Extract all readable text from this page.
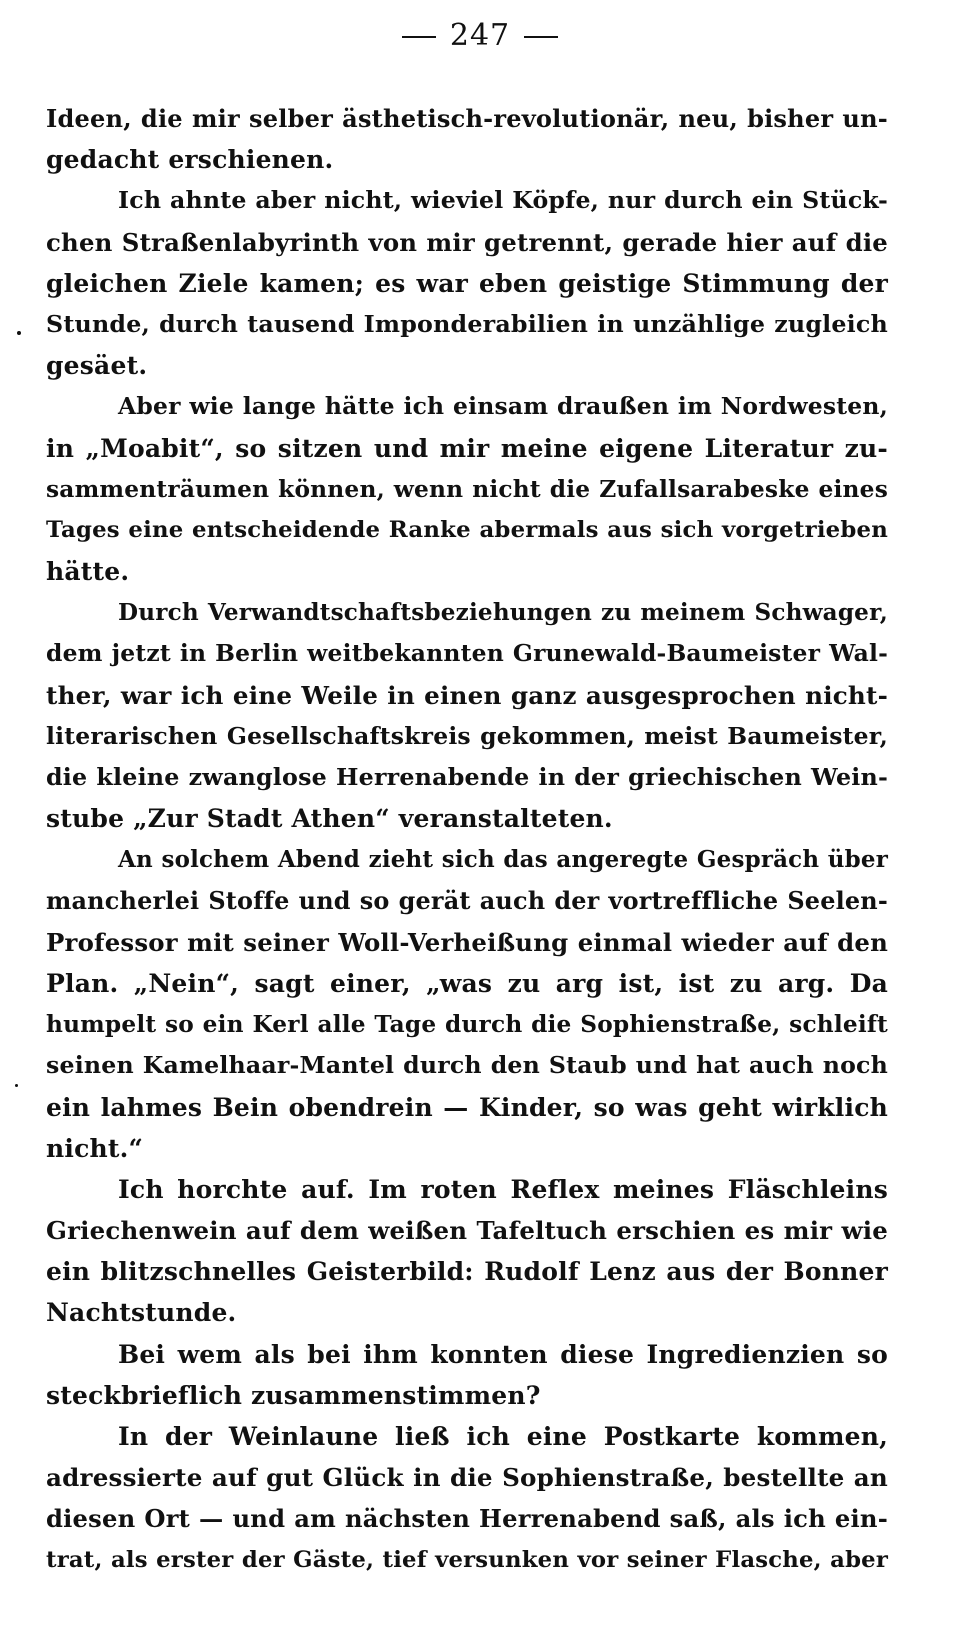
247
Ideen, die mir selber ästhetisch-revolutionär, neu, bisher un-
gedacht erschienen.
Ich ahnte aber nicht, wieviel Köpfe, nur durch ein Stück-
chen Straßenlabyrinth von mir getrennt, gerade hier auf die
gleichen Ziele kamen; es war eben geistige Stimmung der
Stunde, durch tausend Imponderabilien in unzählige zugleich
gesäet.
Aber wie lange hätte ich einsam draußen im Nordwesten,
in „Moabit“, so sitzen und mir meine eigene Literatur zu-
sammenträumen können, wenn nicht die Zufallsarabeske eines
Tages eine entscheidende Ranke abermals aus sich vorgetrieben
hätte.
Durch Verwandtschaftsbeziehungen zu meinem Schwager,
dem jetzt in Berlin weitbekannten Grunewald-Baumeister Wal-
ther, war ich eine Weile in einen ganz ausgesprochen nicht-
literarischen Gesellschaftskreis gekommen, meist Baumeister,
die kleine zwanglose Herrenabende in der griechischen Wein-
stube „Zur Stadt Athen“ veranstalteten.
An solchem Abend zieht sich das angeregte Gespräch über
mancherlei Stoffe und so gerät auch der vortreffliche Seelen-
Professor mit seiner Woll-Verheißung einmal wieder auf den
Plan. „Nein“, sagt einer, „was zu arg ist, ist zu arg. Da
humpelt so ein Kerl alle Tage durch die Sophienstraße, schleift
seinen Kamelhaar-Mantel durch den Staub und hat auch noch
ein lahmes Bein obendrein — Kinder, so was geht wirklich
nicht.“
Ich horchte auf. Im roten Reflex meines Fläschleins
Griechenwein auf dem weißen Tafeltuch erschien es mir wie
ein blitzschnelles Geisterbild: Rudolf Lenz aus der Bonner
Nachtstunde.
Bei wem als bei ihm konnten diese Ingredienzien so
steckbrieflich zusammenstimmen?
In der Weinlaune ließ ich eine Postkarte kommen,
adressierte auf gut Glück in die Sophienstraße, bestellte an
diesen Ort — und am nächsten Herrenabend saß, als ich ein-
trat, als erster der Gäste, tief versunken vor seiner Flasche, aber
